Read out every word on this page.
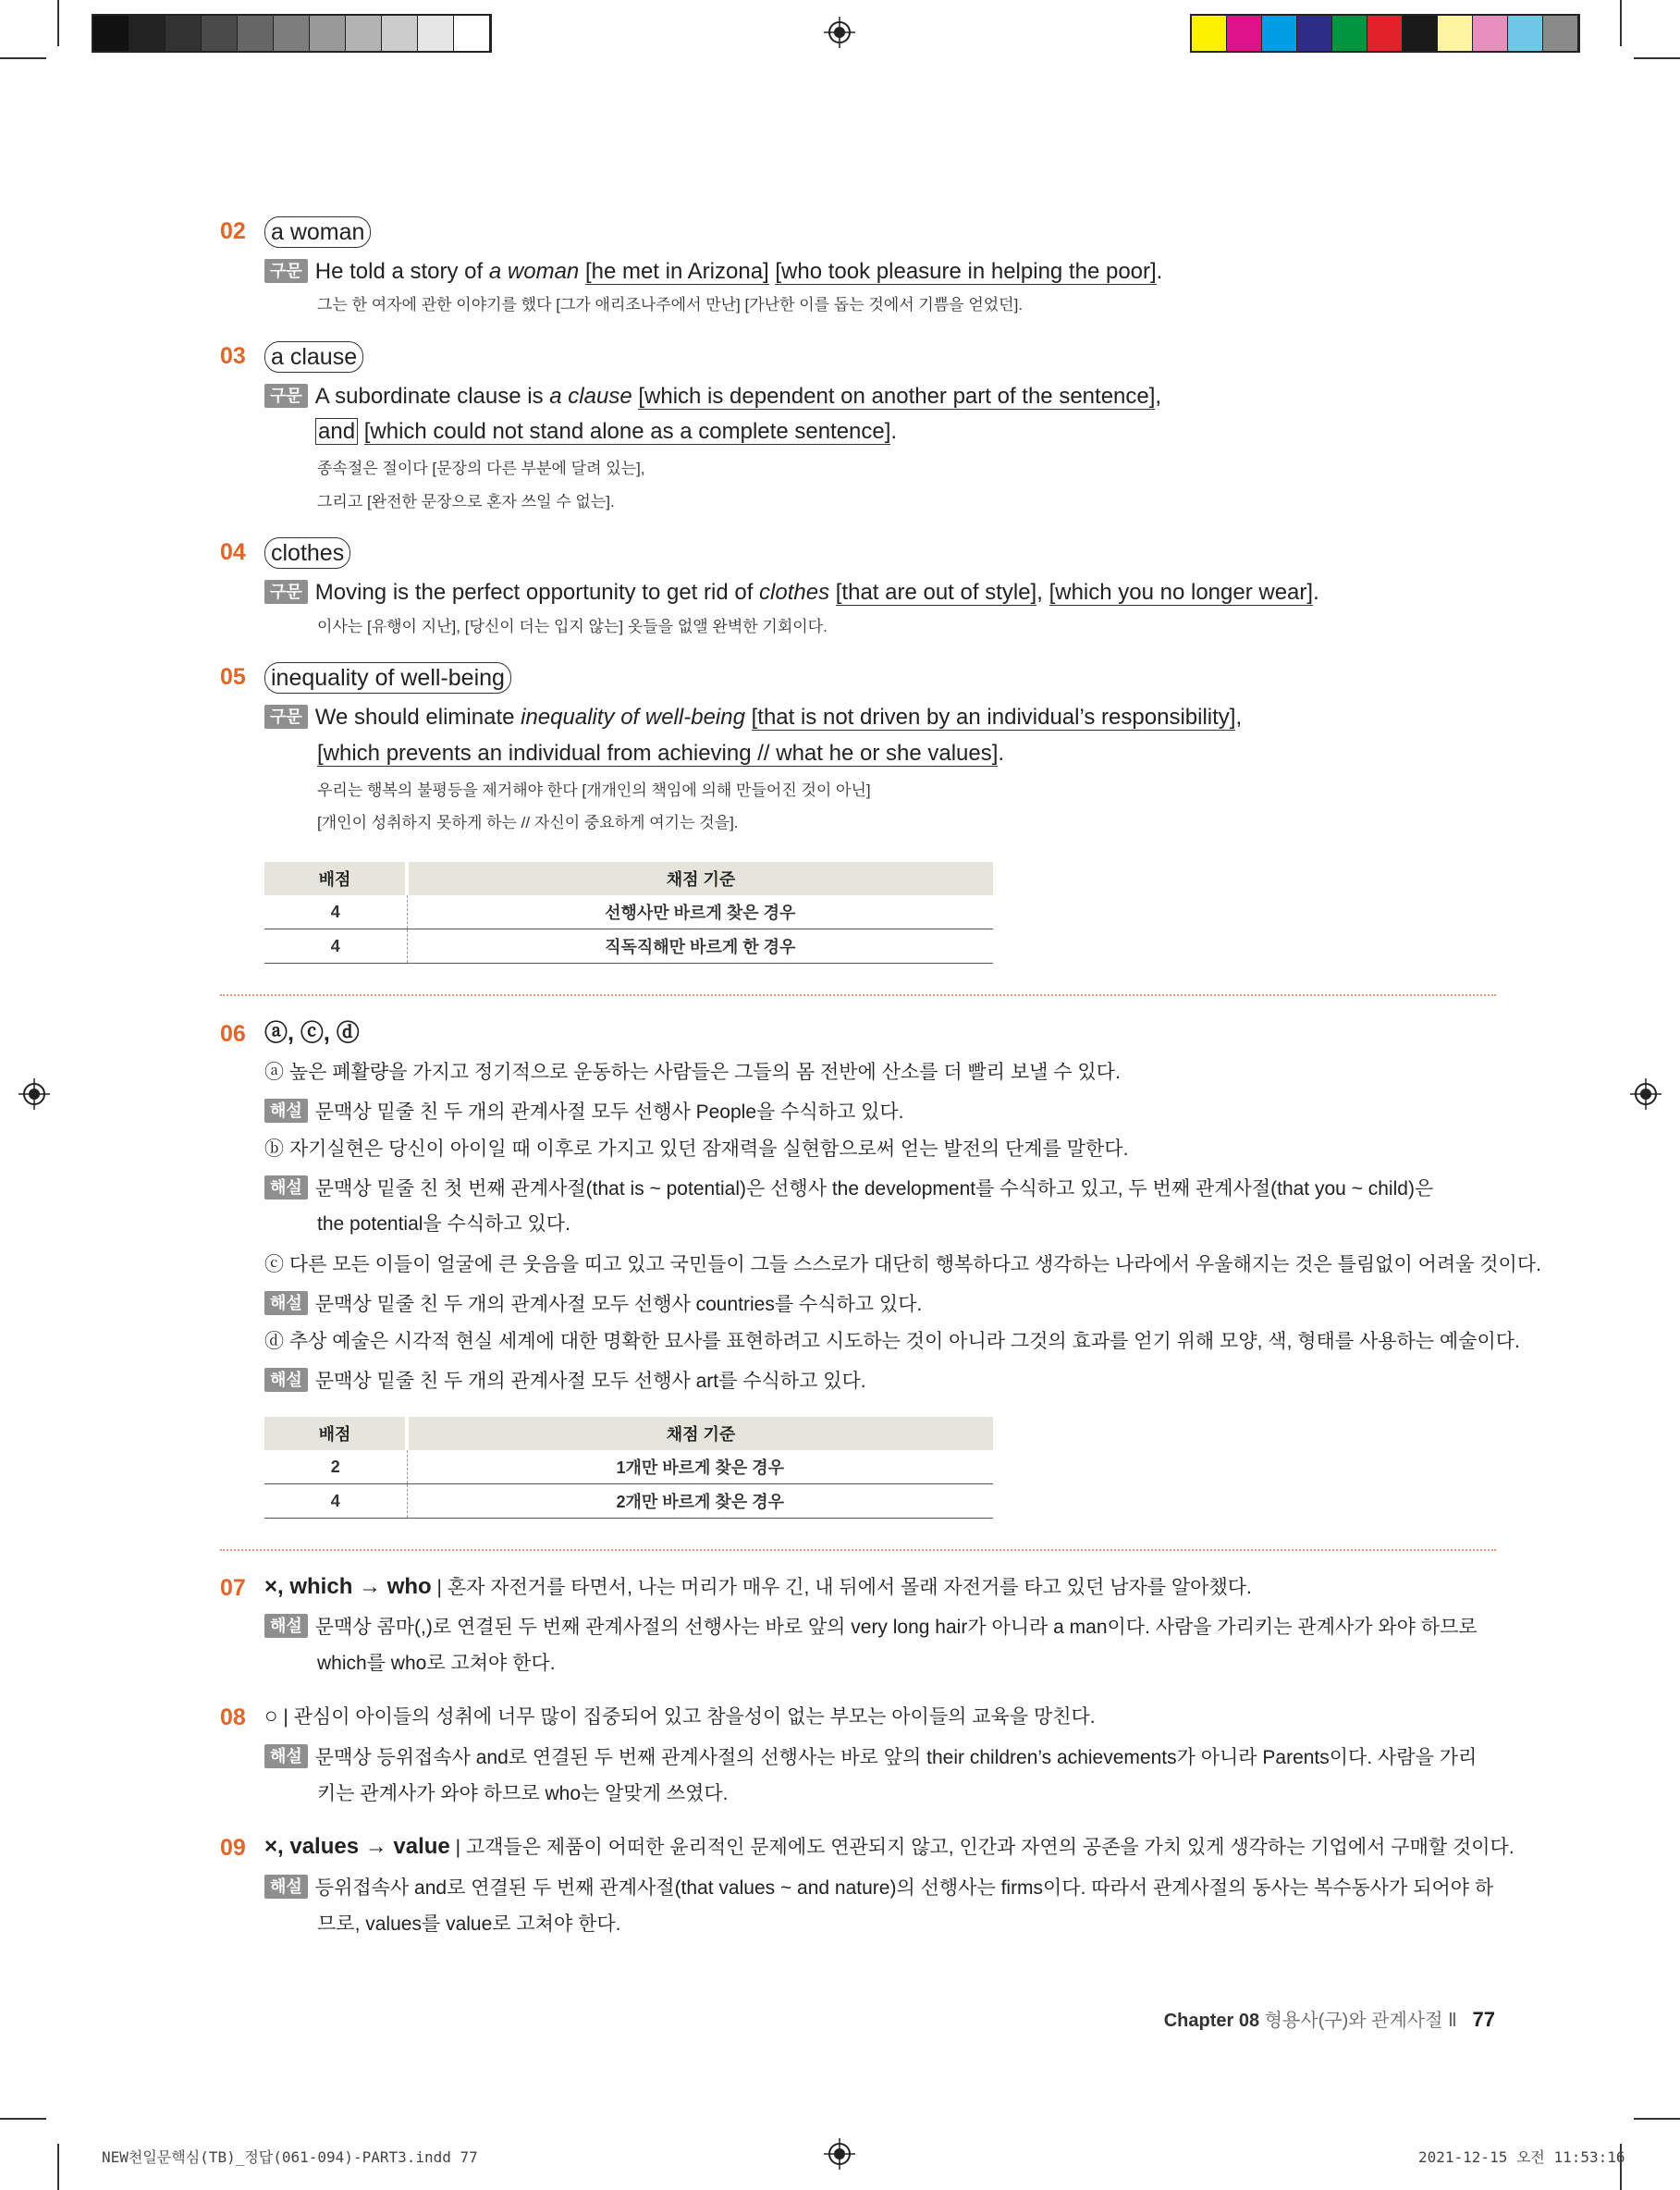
02 a woman
구문 He told a story of a woman [he met in Arizona] [who took pleasure in helping the poor].
그는 한 여자에 관한 이야기를 했다 [그가 애리조나주에서 만난] [가난한 이를 돕는 것에서 기쁨을 얻었던].
03 a clause
구문 A subordinate clause is a clause [which is dependent on another part of the sentence],
and [which could not stand alone as a complete sentence].
종속절은 절이다 [문장의 다른 부분에 달려 있는],
그리고 [완전한 문장으로 혼자 쓰일 수 없는].
04 clothes
구문 Moving is the perfect opportunity to get rid of clothes [that are out of style], [which you no longer wear].
이사는 [유행이 지난], [당신이 더는 입지 않는] 옷들을 없앨 완벽한 기회이다.
05 inequality of well-being
구문 We should eliminate inequality of well-being [that is not driven by an individual’s responsibility],
[which prevents an individual from achieving // what he or she values].
우리는 행복의 불평등을 제거해야 한다 [개개인의 책임에 의해 만들어진 것이 아닌]
[개인이 성취하지 못하게 하는 // 자신이 중요하게 여기는 것을].
배점	채점 기준
4	선행사만 바르게 찾은 경우
4	직독직해만 바르게 한 경우
06 ⓐ, ⓒ, ⓓ
ⓐ 높은 폐활량을 가지고 정기적으로 운동하는 사람들은 그들의 몸 전반에 산소를 더 빨리 보낼 수 있다.
해설 문맥상 밑줄 친 두 개의 관계사절 모두 선행사 People을 수식하고 있다.
ⓑ 자기실현은 당신이 아이일 때 이후로 가지고 있던 잠재력을 실현함으로써 얻는 발전의 단계를 말한다.
해설 문맥상 밑줄 친 첫 번째 관계사절(that is ~ potential)은 선행사 the development를 수식하고 있고, 두 번째 관계사절(that you ~ child)은
the potential을 수식하고 있다.
ⓒ 다른 모든 이들이 얼굴에 큰 웃음을 띠고 있고 국민들이 그들 스스로가 대단히 행복하다고 생각하는 나라에서 우울해지는 것은 틀림없이 어려울 것이다.
해설 문맥상 밑줄 친 두 개의 관계사절 모두 선행사 countries를 수식하고 있다.
ⓓ 추상 예술은 시각적 현실 세계에 대한 명확한 묘사를 표현하려고 시도하는 것이 아니라 그것의 효과를 얻기 위해 모양, 색, 형태를 사용하는 예술이다.
해설 문맥상 밑줄 친 두 개의 관계사절 모두 선행사 art를 수식하고 있다.
배점	채점 기준
2	1개만 바르게 찾은 경우
4	2개만 바르게 찾은 경우
07 ×, which → who | 혼자 자전거를 타면서, 나는 머리가 매우 긴, 내 뒤에서 몰래 자전거를 타고 있던 남자를 알아챘다.
해설 문맥상 콤마(,)로 연결된 두 번째 관계사절의 선행사는 바로 앞의 very long hair가 아니라 a man이다. 사람을 가리키는 관계사가 와야 하므로
which를 who로 고쳐야 한다.
08 ○ | 관심이 아이들의 성취에 너무 많이 집중되어 있고 참을성이 없는 부모는 아이들의 교육을 망친다.
해설 문맥상 등위접속사 and로 연결된 두 번째 관계사절의 선행사는 바로 앞의 their children’s achievements가 아니라 Parents이다. 사람을 가리
키는 관계사가 와야 하므로 who는 알맞게 쓰였다.
09 ×, values → value | 고객들은 제품이 어떠한 윤리적인 문제에도 연관되지 않고, 인간과 자연의 공존을 가치 있게 생각하는 기업에서 구매할 것이다.
해설 등위접속사 and로 연결된 두 번째 관계사절(that values ~ and nature)의 선행사는 firms이다. 따라서 관계사절의 동사는 복수동사가 되어야 하
므로, values를 value로 고쳐야 한다.
Chapter 08 형용사(구)와 관계사절 Ⅱ 77
NEW천일문핵심(TB)_정답(061-094)-PART3.indd 77	2021-12-15 오전 11:53:16
